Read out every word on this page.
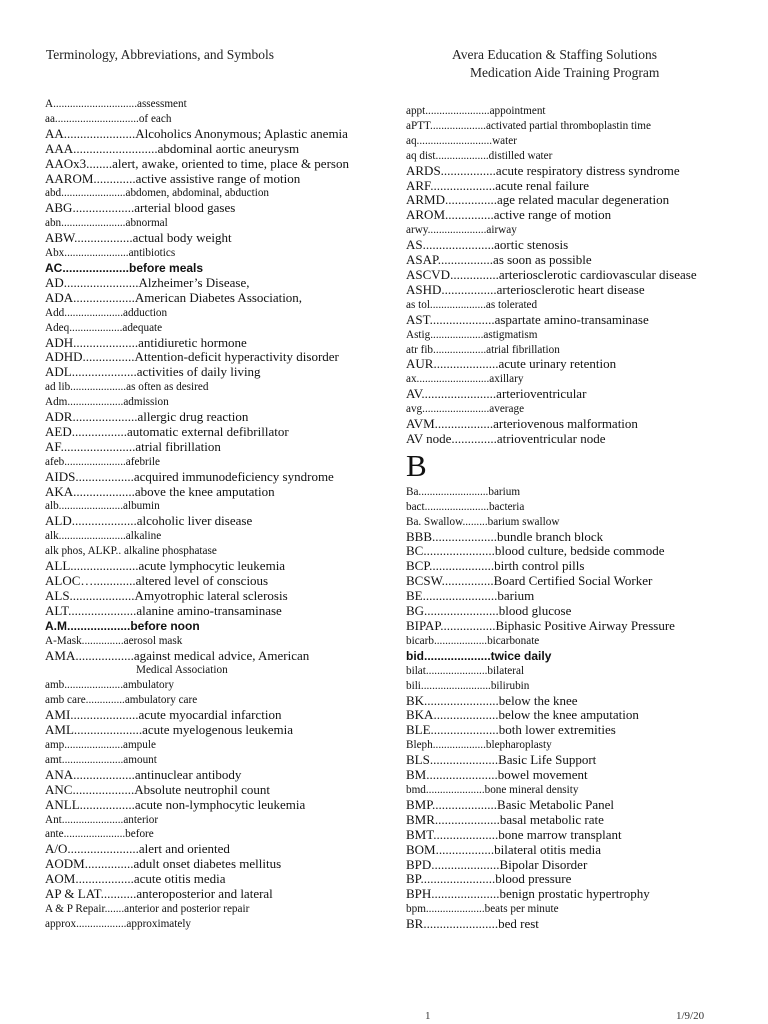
Terminology, Abbreviations, and Symbols	Avera Education & Staffing Solutions
Medication Aide Training Program
A..............................assessment
aa..............................of each
AA......................Alcoholics Anonymous; Aplastic anemia
AAA..........................abdominal aortic aneurysm
AAOx3........alert, awake, oriented to time, place & person
AAROM.............active assistive range of motion
abd.......................abdomen, abdominal, abduction
ABG...................arterial blood gases
abn.......................abnormal
ABW..................actual body weight
Abx.......................antibiotics
AC....................before meals
AD.......................Alzheimer’s Disease,
ADA...................American Diabetes Association,
Add.....................adduction
Adeq...................adequate
ADH....................antidiuretic hormone
ADHD................Attention-deficit hyperactivity disorder
ADL....................activities of daily living
ad lib....................as often as desired
Adm....................admission
ADR....................allergic drug reaction
AED.................automatic external defibrillator
AF.......................atrial fibrillation
afeb......................afebrile
AIDS..................acquired immunodeficiency syndrome
AKA...................above the knee amputation
alb.......................albumin
ALD....................alcoholic liver disease
alk........................alkaline
alk phos, ALKP.. alkaline phosphatase
ALL.....................acute lymphocytic leukemia
ALOC….............altered level of conscious
ALS....................Amyotrophic lateral sclerosis
ALT.....................alanine amino-transaminase
A.M...................before noon
A-Mask...............aerosol mask
AMA..................against medical advice, American
Medical Association
amb.....................ambulatory
amb care..............ambulatory care
AMI.....................acute myocardial infarction
AML.....................acute myelogenous leukemia
amp.....................ampule
amt......................amount
ANA...................antinuclear antibody
ANC...................Absolute neutrophil count
ANLL.................acute non-lymphocytic leukemia
Ant......................anterior
ante......................before
A/O......................alert and oriented
AODM...............adult onset diabetes mellitus
AOM..................acute otitis media
AP & LAT...........anteroposterior and lateral
A & P Repair.......anterior and posterior repair
approx..................approximately
appt.......................appointment
aPTT....................activated partial thromboplastin time
aq...........................water
aq dist...................distilled water
ARDS.................acute respiratory distress syndrome
ARF....................acute renal failure
ARMD................age related macular degeneration
AROM...............active range of motion
arwy.....................airway
AS......................aortic stenosis
ASAP.................as soon as possible
ASCVD...............arteriosclerotic cardiovascular disease
ASHD.................arteriosclerotic heart disease
as tol....................as tolerated
AST....................aspartate amino-transaminase
Astig...................astigmatism
atr fib...................atrial fibrillation
AUR....................acute urinary retention
ax..........................axillary
AV.......................arterioventricular
avg........................average
AVM..................arteriovenous malformation
AV node..............atrioventricular node
B
Ba.........................barium
bact.......................bacteria
Ba. Swallow.........barium swallow
BBB....................bundle branch block
BC......................blood culture, bedside commode
BCP....................birth control pills
BCSW................Board Certified Social Worker
BE.......................barium
BG.......................blood glucose
BIPAP.................Biphasic Positive Airway Pressure
bicarb...................bicarbonate
bid....................twice daily
bilat......................bilateral
bili.........................bilirubin
BK.......................below the knee
BKA....................below the knee amputation
BLE.....................both lower extremities
Bleph...................blepharoplasty
BLS.....................Basic Life Support
BM......................bowel movement
bmd.....................bone mineral density
BMP....................Basic Metabolic Panel
BMR....................basal metabolic rate
BMT....................bone marrow transplant
BOM..................bilateral otitis media
BPD.....................Bipolar Disorder
BP.......................blood pressure
BPH.....................benign prostatic hypertrophy
bpm.....................beats per minute
BR.......................bed rest
1	1/9/20
